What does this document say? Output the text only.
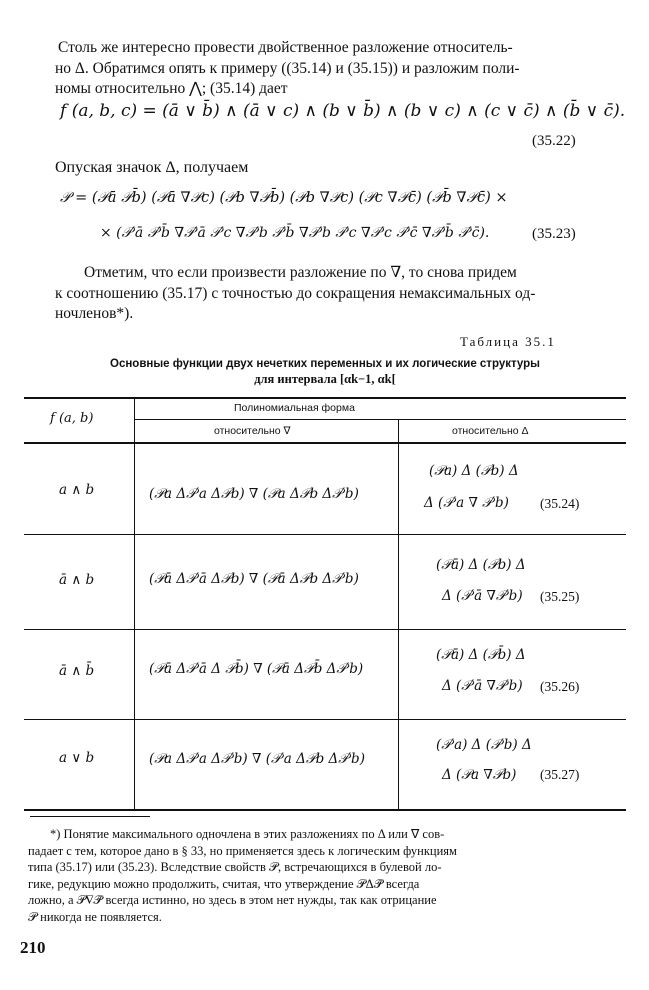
Столь же интересно провести двойственное разложение относитель-
но Δ. Обратимся опять к примеру ((35.14) и (35.15)) и разложим поли-
номы относительно ⋀; (35.14) дает
f (a, b, c) = (ā ∨ b̄) ∧ (ā ∨ c) ∧ (b ∨ b̄) ∧ (b ∨ c) ∧ (c ∨ c̄) ∧ (b̄ ∨ c̄).
(35.22)
Опуская значок Δ, получаем
𝒫 = (𝒫ā 𝒫b̄) (𝒫ā ∇𝒫c) (𝒫b ∇𝒫b̄) (𝒫b ∇𝒫c) (𝒫c ∇𝒫c̄) (𝒫b̄ ∇𝒫c̄) ×
× (𝒫′ā 𝒫′b̄ ∇𝒫′ā 𝒫′c ∇𝒫′b 𝒫′b̄ ∇𝒫′b 𝒫′c ∇𝒫′c 𝒫′c̄ ∇𝒫′b̄ 𝒫′c̄).	(35.23)
Отметим, что если произвести разложение по ∇, то снова придем
к соотношению (35.17) с точностью до сокращения немаксимальных од-
ночленов*).
Таблица 35.1
Основные функции двух нечетких переменных и их логические структуры
для интервала [αk−1, αk[
f (a, b)
Полиномиальная форма
относительно ∇	относительно Δ
a ∧ b	(𝒫a Δ𝒫′a Δ𝒫b) ∇ (𝒫a Δ𝒫b Δ𝒫′b)
(𝒫a) Δ (𝒫b) Δ
Δ (𝒫′a ∇ 𝒫′b) (35.24)
ā ∧ b	(𝒫ā Δ𝒫′ā Δ𝒫b) ∇ (𝒫ā Δ𝒫b Δ𝒫′b)
(𝒫ā) Δ (𝒫b) Δ
Δ (𝒫′ā ∇𝒫′b) (35.25)
ā ∧ b̄	(𝒫ā Δ𝒫′ā Δ 𝒫b̄) ∇ (𝒫ā Δ𝒫b̄ Δ𝒫′b)
(𝒫ā) Δ (𝒫b̄) Δ
Δ (𝒫′ā ∇𝒫′b) (35.26)
a ∨ b	(𝒫a Δ𝒫′a Δ𝒫′b) ∇ (𝒫′a Δ𝒫b Δ𝒫′b)
(𝒫′a) Δ (𝒫′b) Δ
Δ (𝒫a ∇𝒫b) (35.27)
*) Понятие максимального одночлена в этих разложениях по Δ или ∇ сов-
падает с тем, которое дано в § 33, но применяется здесь к логическим функциям
типа (35.17) или (35.23). Вследствие свойств 𝒫, встречающихся в булевой ло-
гике, редукцию можно продолжить, считая, что утверждение 𝒫Δ𝒫̄ всегда
ложно, а 𝒫∇𝒫̄ всегда истинно, но здесь в этом нет нужды, так как отрицание
𝒫 никогда не появляется.
210
